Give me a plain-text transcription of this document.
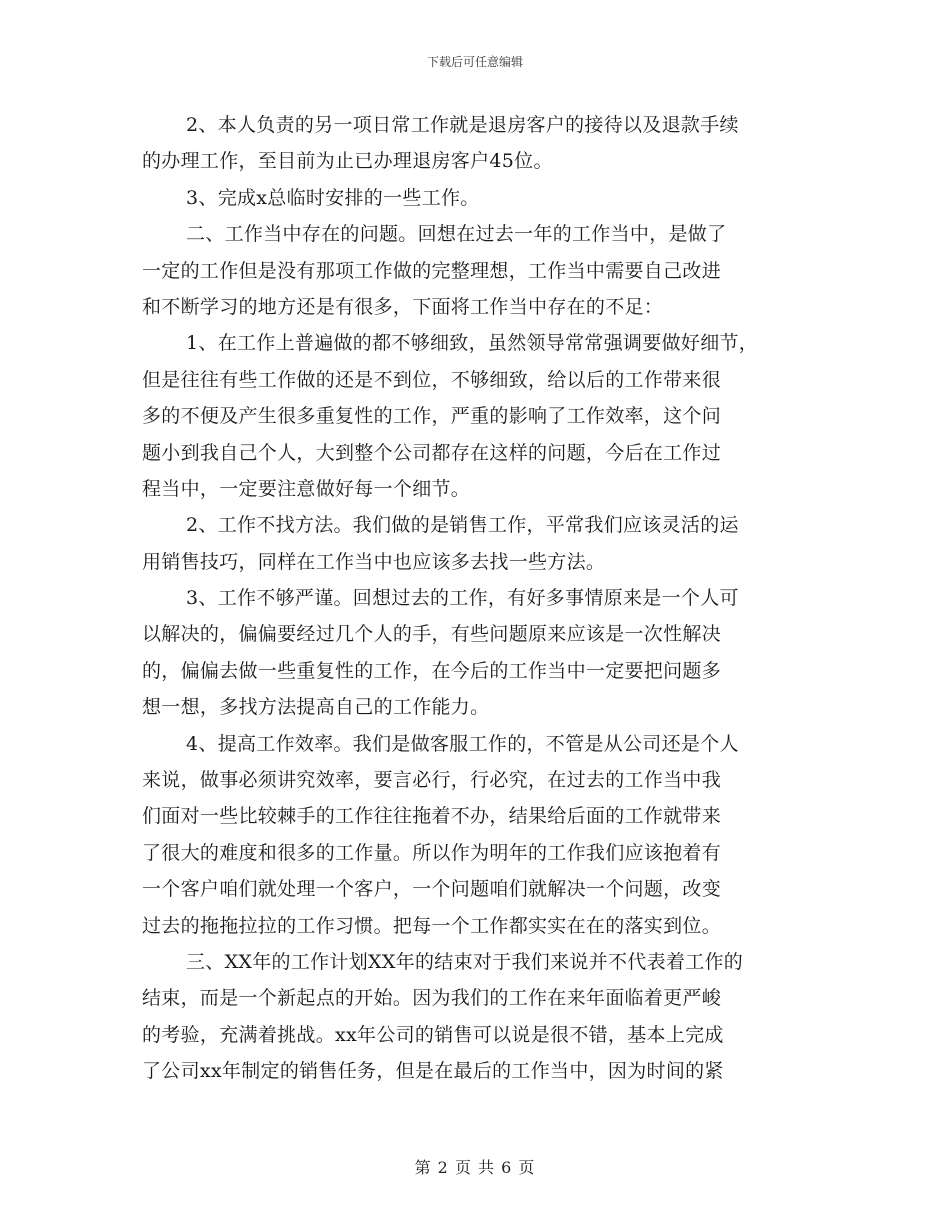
下载后可任意编辑
2、本人负责的另一项日常工作就是退房客户的接待以及退款手续
的办理工作，至目前为止已办理退房客户45位。
3、完成x总临时安排的一些工作。
二、工作当中存在的问题。回想在过去一年的工作当中，是做了
一定的工作但是没有那项工作做的完整理想，工作当中需要自己改进
和不断学习的地方还是有很多，下面将工作当中存在的不足：
1、在工作上普遍做的都不够细致，虽然领导常常强调要做好细节，
但是往往有些工作做的还是不到位，不够细致，给以后的工作带来很
多的不便及产生很多重复性的工作，严重的影响了工作效率，这个问
题小到我自己个人，大到整个公司都存在这样的问题，今后在工作过
程当中，一定要注意做好每一个细节。
2、工作不找方法。我们做的是销售工作，平常我们应该灵活的运
用销售技巧，同样在工作当中也应该多去找一些方法。
3、工作不够严谨。回想过去的工作，有好多事情原来是一个人可
以解决的，偏偏要经过几个人的手，有些问题原来应该是一次性解决
的，偏偏去做一些重复性的工作，在今后的工作当中一定要把问题多
想一想，多找方法提高自己的工作能力。
4、提高工作效率。我们是做客服工作的，不管是从公司还是个人
来说，做事必须讲究效率，要言必行，行必究，在过去的工作当中我
们面对一些比较棘手的工作往往拖着不办，结果给后面的工作就带来
了很大的难度和很多的工作量。所以作为明年的工作我们应该抱着有
一个客户咱们就处理一个客户，一个问题咱们就解决一个问题，改变
过去的拖拖拉拉的工作习惯。把每一个工作都实实在在的落实到位。
三、XX年的工作计划XX年的结束对于我们来说并不代表着工作的
结束，而是一个新起点的开始。因为我们的工作在来年面临着更严峻
的考验，充满着挑战。xx年公司的销售可以说是很不错，基本上完成
了公司xx年制定的销售任务，但是在最后的工作当中，因为时间的紧
第 2 页 共 6 页
